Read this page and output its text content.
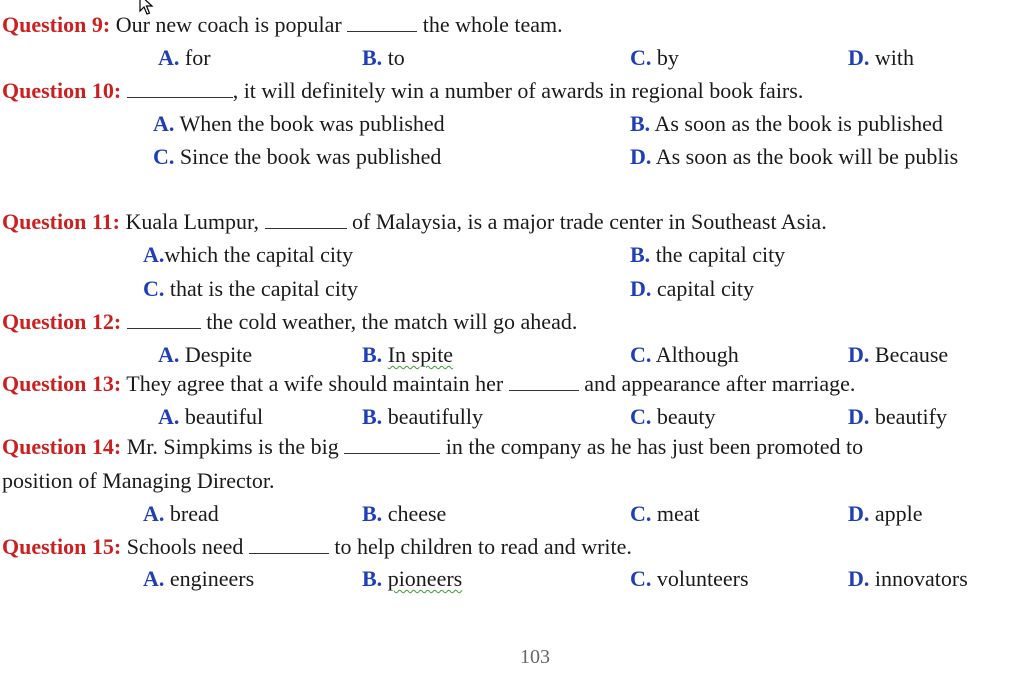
Question 9: Our new coach is popular	the whole team.
A. for	B. to	C. by	D. with
Question 10:	, it will definitely win a number of awards in regional book fairs.
A. When the book was published	B. As soon as the book is published
C. Since the book was published	D. As soon as the book will be publis
Question 11: Kuala Lumpur,	of Malaysia, is a major trade center in Southeast Asia.
A.which the capital city	B. the capital city
C. that is the capital city	D. capital city
Question 12:	the cold weather, the match will go ahead.
A. Despite	B. In spite	C. Although	D. Because
Question 13: They agree that a wife should maintain her	and appearance after marriage.
A. beautiful	B. beautifully	C. beauty	D. beautify
Question 14: Mr. Simpkims is the big	in the company as he has just been promoted to
position of Managing Director.
A. bread	B. cheese	C. meat	D. apple
Question 15: Schools need	to help children to read and write.
A. engineers	B. pioneers	C. volunteers	D. innovators
103
